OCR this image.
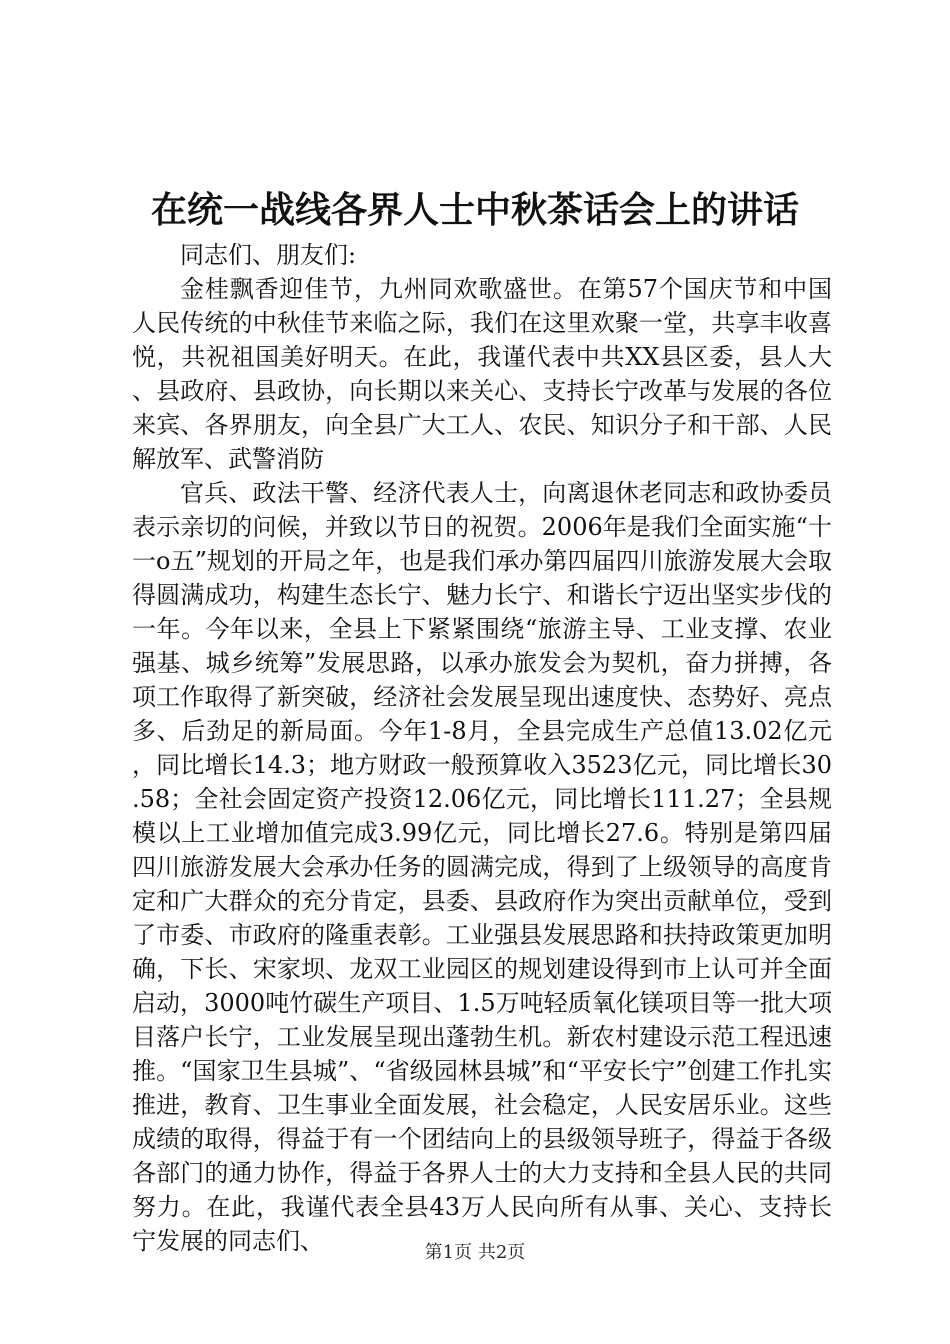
在统一战线各界人士中秋茶话会上的讲话

同志们、朋友们:

金桂飘香迎佳节，九州同欢歌盛世。在第57个国庆节和中国人民传统的中秋佳节来临之际，我们在这里欢聚一堂，共享丰收喜悦，共祝祖国美好明天。在此，我谨代表中共XX县区委，县人大、县政府、县政协，向长期以来关心、支持长宁改革与发展的各位来宾、各界朋友，向全县广大工人、农民、知识分子和干部、人民解放军、武警消防

官兵、政法干警、经济代表人士，向离退休老同志和政协委员表示亲切的问候，并致以节日的祝贺。2006年是我们全面实施“十一o五”规划的开局之年，也是我们承办第四届四川旅游发展大会取得圆满成功，构建生态长宁、魅力长宁、和谐长宁迈出坚实步伐的一年。今年以来，全县上下紧紧围绕“旅游主导、工业支撑、农业强基、城乡统筹”发展思路，以承办旅发会为契机，奋力拼搏，各项工作取得了新突破，经济社会发展呈现出速度快、态势好、亮点多、后劲足的新局面。今年1-8月，全县完成生产总值13.02亿元，同比增长14.3；地方财政一般预算收入3523亿元，同比增长30.58；全社会固定资产投资12.06亿元，同比增长111.27；全县规模以上工业增加值完成3.99亿元，同比增长27.6。特别是第四届四川旅游发展大会承办任务的圆满完成，得到了上级领导的高度肯定和广大群众的充分肯定，县委、县政府作为突出贡献单位，受到了市委、市政府的隆重表彰。工业强县发展思路和扶持政策更加明确，下长、宋家坝、龙双工业园区的规划建设得到市上认可并全面启动，3000吨竹碳生产项目、1.5万吨轻质氧化镁项目等一批大项目落户长宁，工业发展呈现出蓬勃生机。新农村建设示范工程迅速推。“国家卫生县城”、“省级园林县城”和“平安长宁”创建工作扎实推进，教育、卫生事业全面发展，社会稳定，人民安居乐业。这些成绩的取得，得益于有一个团结向上的县级领导班子，得益于各级各部门的通力协作，得益于各界人士的大力支持和全县人民的共同努力。在此，我谨代表全县43万人民向所有从事、关心、支持长宁发展的同志们、	第1页 共2页
